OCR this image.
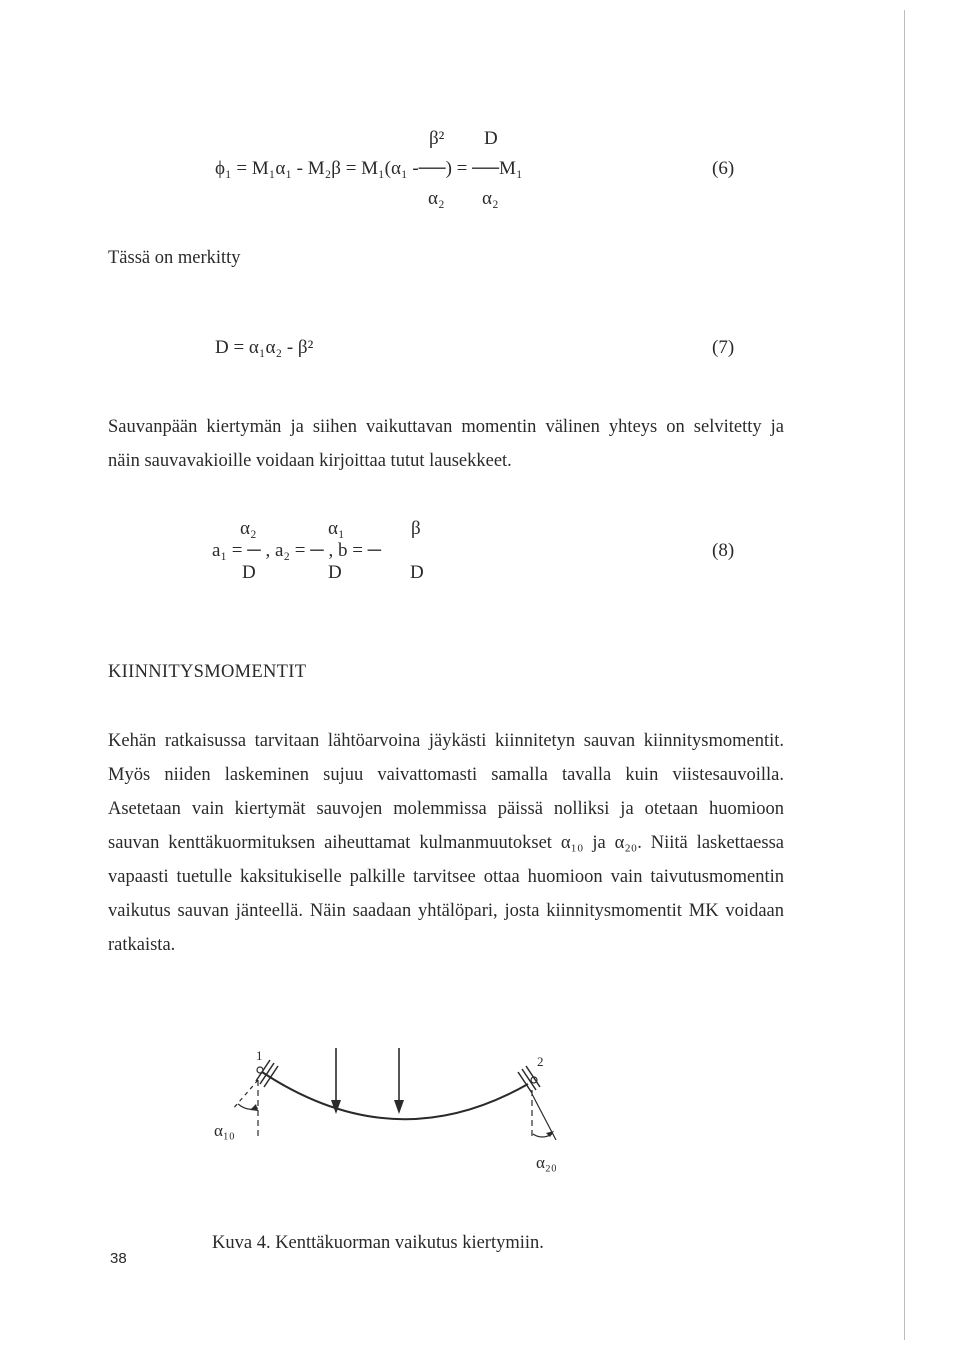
β² D
ϕ₁ = M₁α₁ - M₂β = M₁(α₁ -──) = ──M₁
α₂ α₂
(6)
Tässä on merkitty
D = α₁α₂ - β²	(7)
Sauvanpään kiertymän ja siihen vaikuttavan momentin välinen yhteys on selvitetty ja
näin sauvavakioille voidaan kirjoittaa tutut lausekkeet.
α₂	α₁	β
a₁ = ─ , a₂ = ─ , b = ─
D	D	D
(8)
KIINNITYSMOMENTIT
Kehän ratkaisussa tarvitaan lähtöarvoina jäykästi kiinnitetyn sauvan kiinnitysmomentit.
Myös niiden laskeminen sujuu vaivattomasti samalla tavalla kuin viistesauvoilla.
Asetetaan vain kiertymät sauvojen molemmissa päissä nolliksi ja otetaan huomioon
sauvan kenttäkuormituksen aiheuttamat kulmanmuutokset α₁₀ ja α₂₀. Niitä laskettaessa
vapaasti tuetulle kaksitukiselle palkille tarvitsee ottaa huomioon vain taivutusmomentin
vaikutus sauvan jänteellä. Näin saadaan yhtälöpari, josta kiinnitysmomentit MK voidaan
ratkaista.
1	2
α₁₀
α₂₀
Kuva 4. Kenttäkuorman vaikutus kiertymiin.
38
